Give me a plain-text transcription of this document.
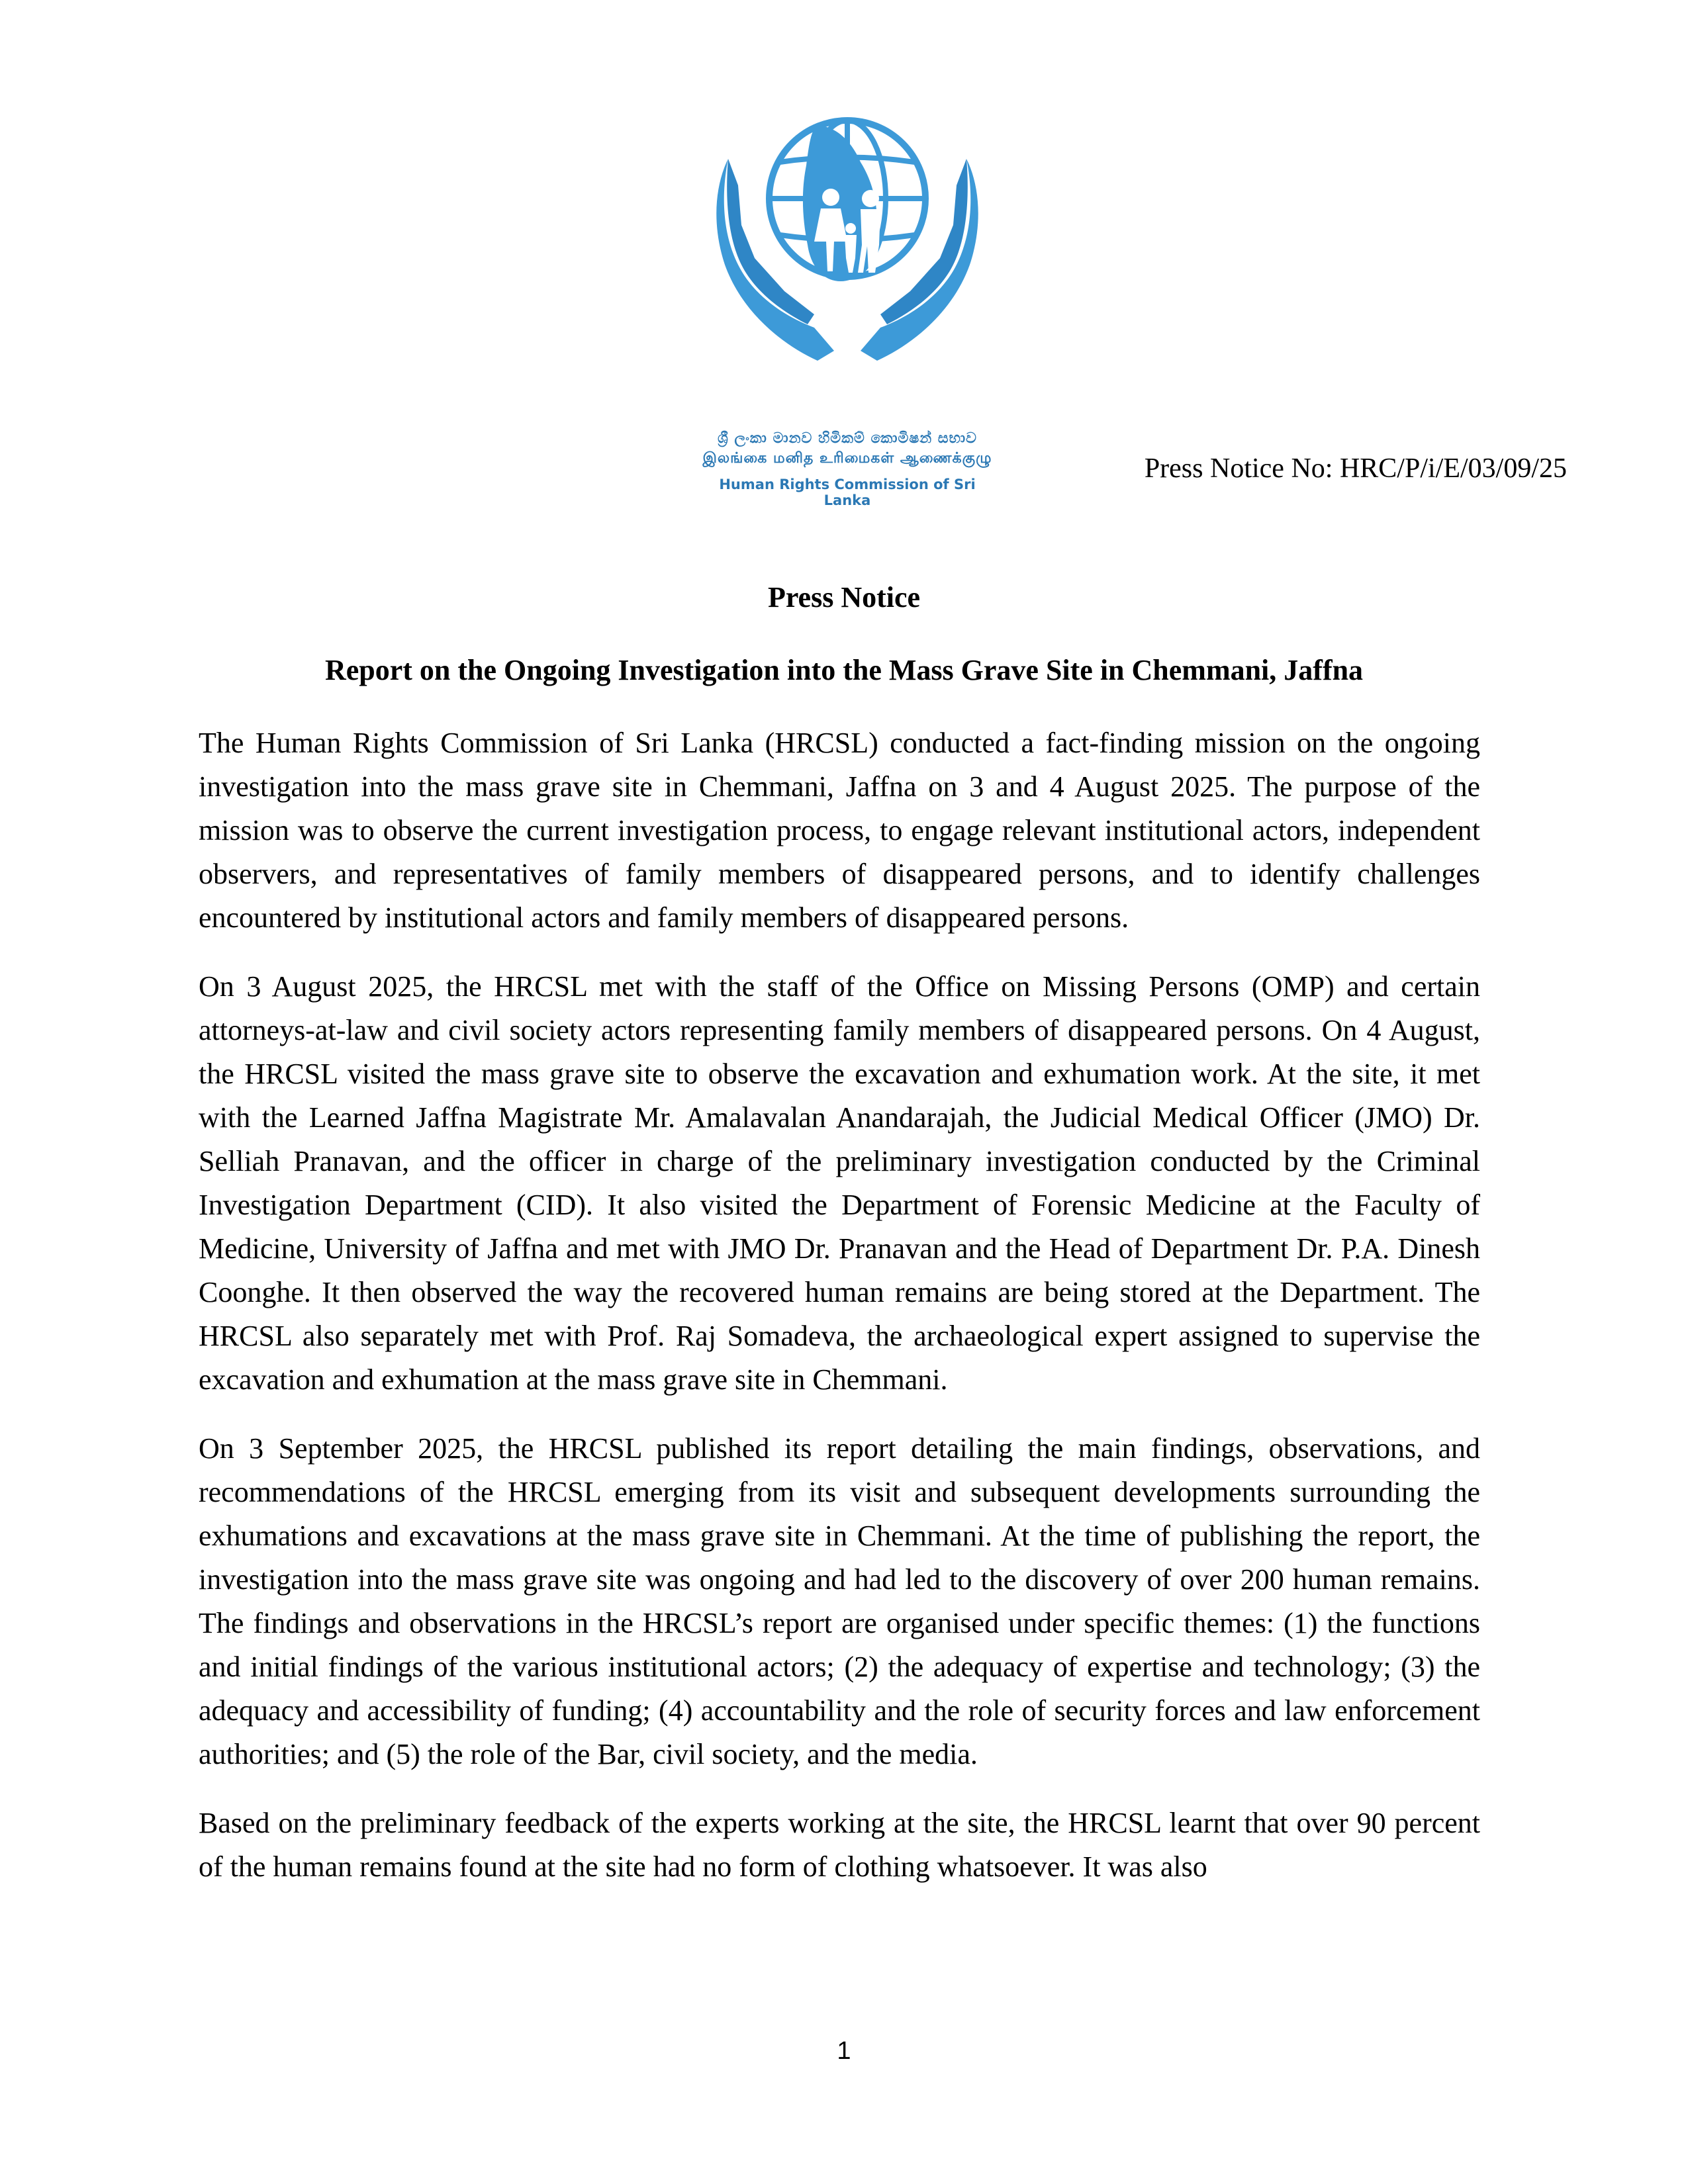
ශ්‍රී ලංකා මානව හිමිකම් කොමිෂන් සභාව
இலங்கை மனித உரிமைகள் ஆணைக்குழு
Human Rights Commission of Sri Lanka
Press Notice No: HRC/P/i/E/03/09/25
Press Notice
Report on the Ongoing Investigation into the Mass Grave Site in Chemmani, Jaffna

The Human Rights Commission of Sri Lanka (HRCSL) conducted a fact-finding mission on the ongoing investigation into the mass grave site in Chemmani, Jaffna on 3 and 4 August 2025. The purpose of the mission was to observe the current investigation process, to engage relevant institutional actors, independent observers, and representatives of family members of disappeared persons, and to identify challenges encountered by institutional actors and family members of disappeared persons.

On 3 August 2025, the HRCSL met with the staff of the Office on Missing Persons (OMP) and certain attorneys-at-law and civil society actors representing family members of disappeared persons. On 4 August, the HRCSL visited the mass grave site to observe the excavation and exhumation work. At the site, it met with the Learned Jaffna Magistrate Mr. Amalavalan Anandarajah, the Judicial Medical Officer (JMO) Dr. Selliah Pranavan, and the officer in charge of the preliminary investigation conducted by the Criminal Investigation Department (CID). It also visited the Department of Forensic Medicine at the Faculty of Medicine, University of Jaffna and met with JMO Dr. Pranavan and the Head of Department Dr. P.A. Dinesh Coonghe. It then observed the way the recovered human remains are being stored at the Department. The HRCSL also separately met with Prof. Raj Somadeva, the archaeological expert assigned to supervise the excavation and exhumation at the mass grave site in Chemmani.

On 3 September 2025, the HRCSL published its report detailing the main findings, observations, and recommendations of the HRCSL emerging from its visit and subsequent developments surrounding the exhumations and excavations at the mass grave site in Chemmani. At the time of publishing the report, the investigation into the mass grave site was ongoing and had led to the discovery of over 200 human remains. The findings and observations in the HRCSL’s report are organised under specific themes: (1) the functions and initial findings of the various institutional actors; (2) the adequacy of expertise and technology; (3) the adequacy and accessibility of funding; (4) accountability and the role of security forces and law enforcement authorities; and (5) the role of the Bar, civil society, and the media.

Based on the preliminary feedback of the experts working at the site, the HRCSL learnt that over 90 percent of the human remains found at the site had no form of clothing whatsoever. It was also

1
